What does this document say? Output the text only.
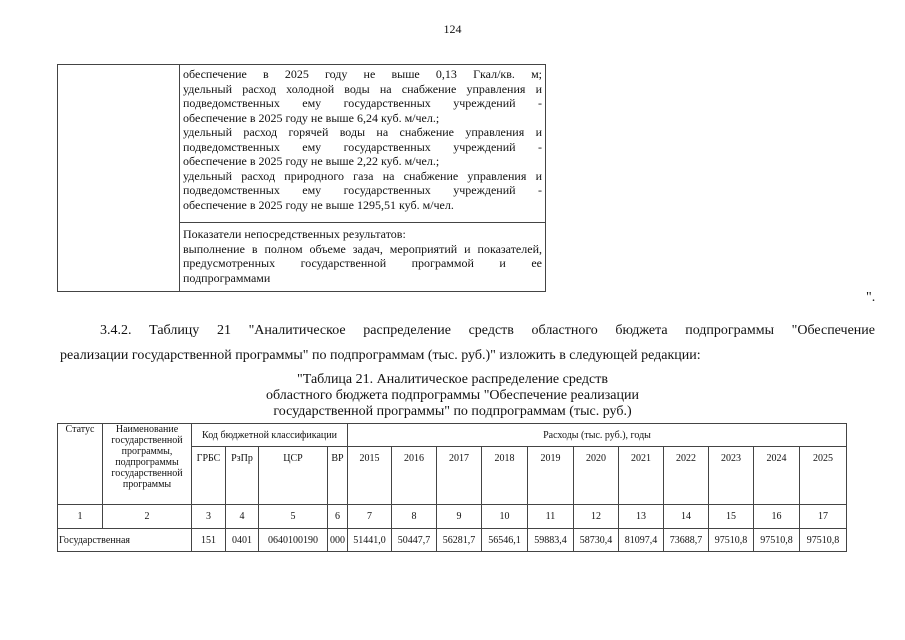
124
обеспечение в 2025 году не выше 0,13 Гкал/кв. м;
удельный расход холодной воды на снабжение управления и
подведомственных ему государственных учреждений -
обеспечение в 2025 году не выше 6,24 куб. м/чел.;
удельный расход горячей воды на снабжение управления и
подведомственных ему государственных учреждений -
обеспечение в 2025 году не выше 2,22 куб. м/чел.;
удельный расход природного газа на снабжение управления и
подведомственных ему государственных учреждений -
обеспечение в 2025 году не выше 1295,51 куб. м/чел.
Показатели непосредственных результатов:
выполнение в полном объеме задач, мероприятий и показателей,
предусмотренных государственной программой и ее
подпрограммами
".
3.4.2. Таблицу 21 "Аналитическое распределение средств областного бюджета подпрограммы "Обеспечение
реализации государственной программы" по подпрограммам (тыс. руб.)" изложить в следующей редакции:
"Таблица 21. Аналитическое распределение средств
областного бюджета подпрограммы "Обеспечение реализации
государственной программы" по подпрограммам (тыс. руб.)
Статус	Наименование государственной программы, подпрограммы государственной программы	Код бюджетной классификации				Расходы (тыс. руб.), годы										
		ГРБС	РзПр	ЦСР	ВР	2015	2016	2017	2018	2019	2020	2021	2022	2023	2024	2025
1	2	3	4	5	6	7	8	9	10	11	12	13	14	15	16	17
Государственная		151	0401	0640100190	000	51441,0	50447,7	56281,7	56546,1	59883,4	58730,4	81097,4	73688,7	97510,8	97510,8	97510,8
